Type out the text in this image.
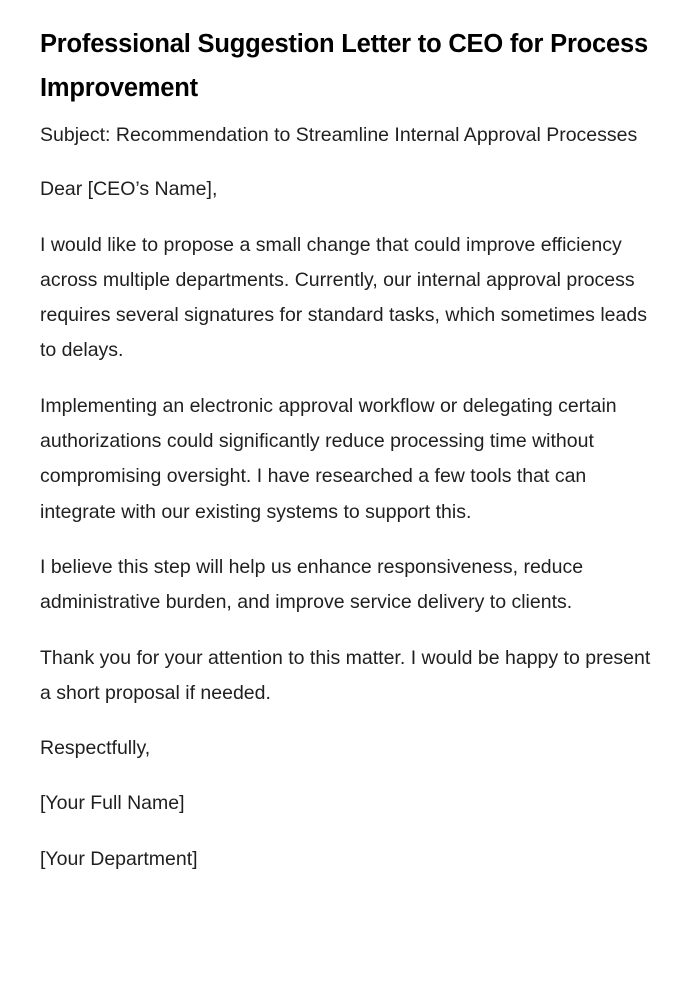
Professional Suggestion Letter to CEO for Process Improvement

Subject: Recommendation to Streamline Internal Approval Processes

Dear [CEO’s Name],

I would like to propose a small change that could improve efficiency across multiple departments. Currently, our internal approval process requires several signatures for standard tasks, which sometimes leads to delays.

Implementing an electronic approval workflow or delegating certain authorizations could significantly reduce processing time without compromising oversight. I have researched a few tools that can integrate with our existing systems to support this.

I believe this step will help us enhance responsiveness, reduce administrative burden, and improve service delivery to clients.

Thank you for your attention to this matter. I would be happy to present a short proposal if needed.

Respectfully,

[Your Full Name]

[Your Department]
